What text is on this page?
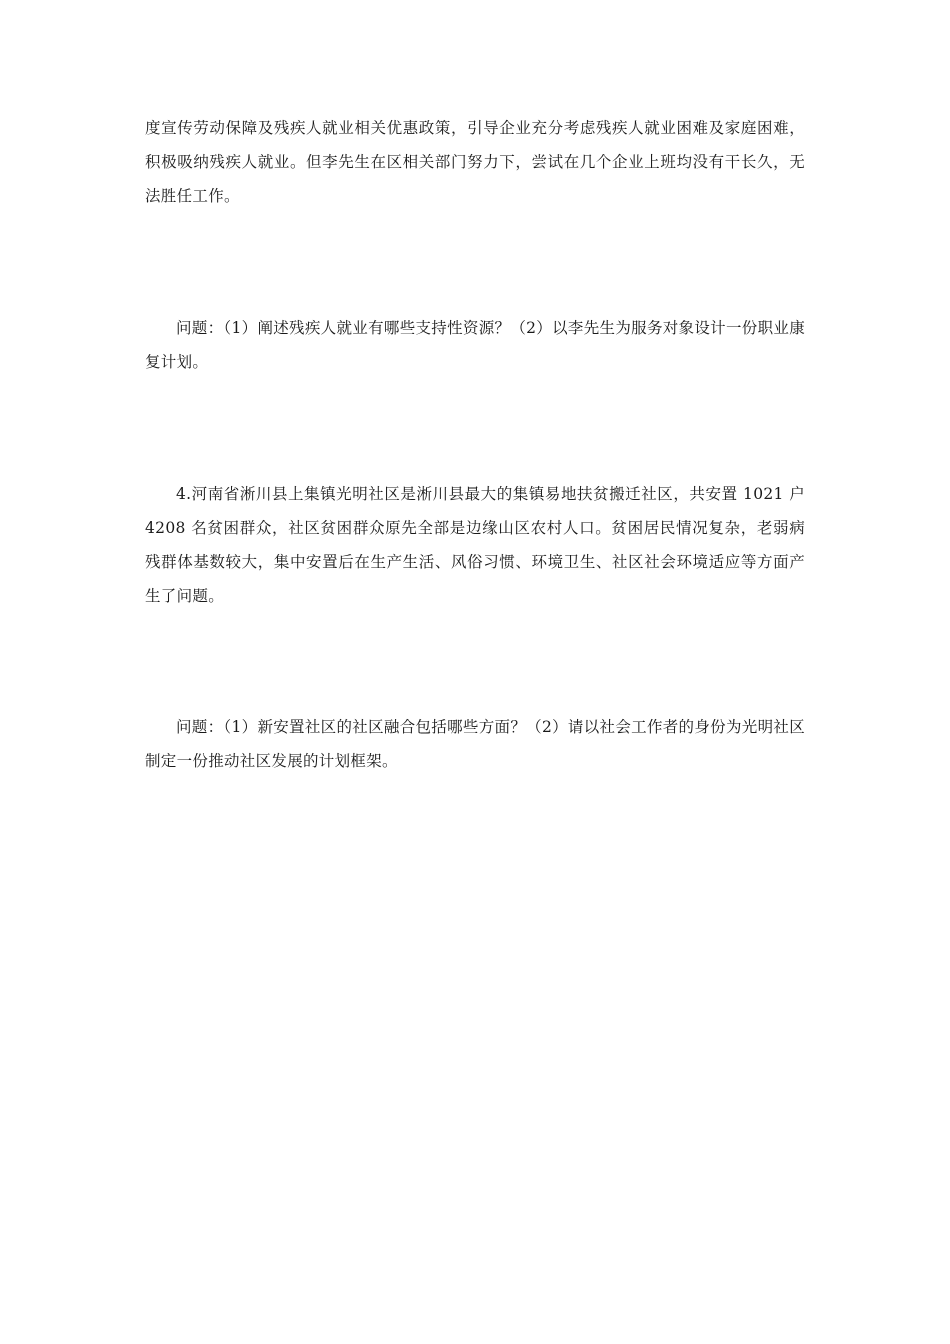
度宣传劳动保障及残疾人就业相关优惠政策，引导企业充分考虑残疾人就业困难及家庭困难，积极吸纳残疾人就业。但李先生在区相关部门努力下，尝试在几个企业上班均没有干长久，无法胜任工作。

问题：（1）阐述残疾人就业有哪些支持性资源？（2）以李先生为服务对象设计一份职业康复计划。

4.河南省淅川县上集镇光明社区是淅川县最大的集镇易地扶贫搬迁社区，共安置 1021 户 4208 名贫困群众，社区贫困群众原先全部是边缘山区农村人口。贫困居民情况复杂，老弱病残群体基数较大，集中安置后在生产生活、风俗习惯、环境卫生、社区社会环境适应等方面产生了问题。

问题：（1）新安置社区的社区融合包括哪些方面？（2）请以社会工作者的身份为光明社区制定一份推动社区发展的计划框架。
